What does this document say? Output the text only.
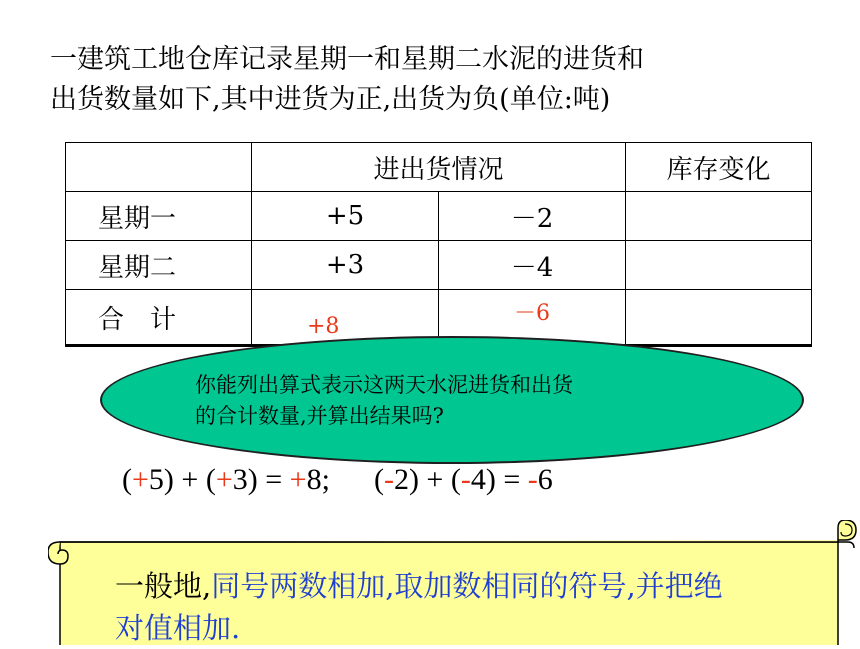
一建筑工地仓库记录星期一和星期二水泥的进货和

出货数量如下,其中进货为正,出货为负(单位:吨)

	进出货情况		库存变化
星期一	+5	－2	
星期二	+3	－4	
合　计	+8	－6	

你能列出算式表示这两天水泥进货和出货

的合计数量,并算出结果吗?

(+5) + (+3) = +8; (-2) + (-4) = -6

一般地,同号两数相加,取加数相同的符号,并把绝

对值相加.
